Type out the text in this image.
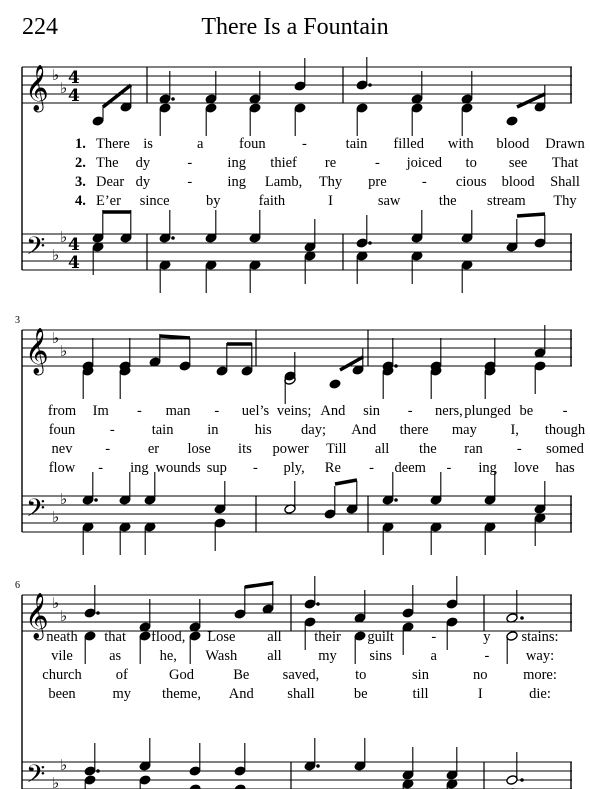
224	There Is a Fountain
𝄞
𝄢
♭
♭
♭
♭
4
4
4
4
𝄞
𝄢
♭
♭
♭
♭
𝄞
𝄢
♭
♭
♭
♭
3
6
1. There is	a foun	-	tain filled with blood Drawn
from Im - man - uel’s veins; And sin - ners, plunged be -
neath that flood, Lose all their guilt	-	y stains:
2. The dy	- ing thief re	- joiced to see That
foun -	tain in his day; And there may I, though
vile as	he, Wash all	my sins	a	-	way:
3. Dear dy	- ing Lamb, Thy pre - cious blood Shall
nev -	er lose its power Till all the ran - somed
church of	God	Be saved, to	sin	no more:
4. E’er since	by	faith	I	saw	the stream Thy
flow - ing wounds sup - ply, Re - deem - ing love has
been	my theme, And shall	be	till	I	die:
